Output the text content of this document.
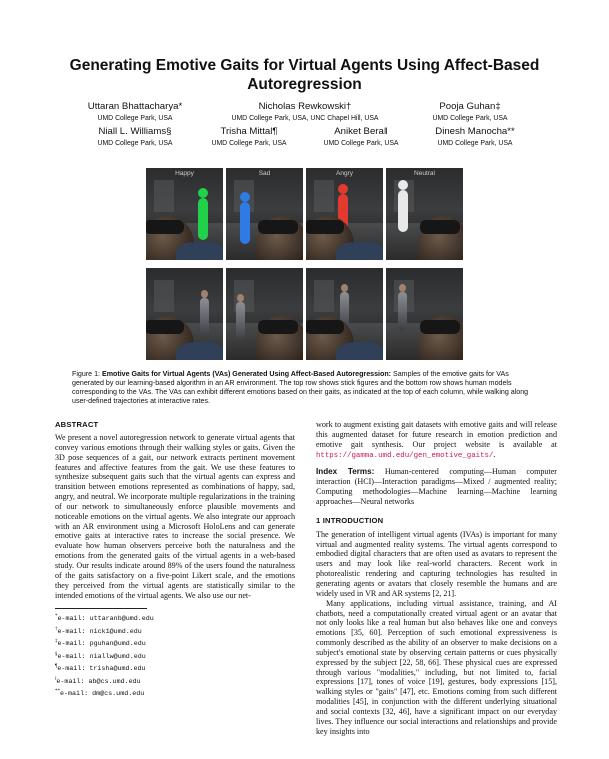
Generating Emotive Gaits for Virtual Agents Using Affect-Based Autoregression
Uttaran Bhattacharya*
UMD College Park, USA
Nicholas Rewkowski†
UMD College Park, USA, UNC Chapel Hill, USA
Pooja Guhan‡
UMD College Park, USA
Niall L. Williams§
UMD College Park, USA
Trisha Mittal¶
UMD College Park, USA
Aniket Bera‖
UMD College Park, USA
Dinesh Manocha**
UMD College Park, USA
Happy	Sad	Angry	Neutral
Figure 1: Emotive Gaits for Virtual Agents (VAs) Generated Using Affect-Based Autoregression: Samples of the emotive gaits for VAs generated by our learning-based algorithm in an AR environment. The top row shows stick figures and the bottom row shows human models corresponding to the VAs. The VAs can exhibit different emotions based on their gaits, as indicated at the top of each column, while walking along user-defined trajectories at interactive rates.
ABSTRACT

We present a novel autoregression network to generate virtual agents that convey various emotions through their walking styles or gaits. Given the 3D pose sequences of a gait, our network extracts pertinent movement features and affective features from the gait. We use these features to synthesize subsequent gaits such that the virtual agents can express and transition between emotions represented as combinations of happy, sad, angry, and neutral. We incorporate multiple regularizations in the training of our network to simultaneously enforce plausible movements and noticeable emotions on the virtual agents. We also integrate our approach with an AR environment using a Microsoft HoloLens and can generate emotive gaits at interactive rates to increase the social presence. We evaluate how human observers perceive both the naturalness and the emotions from the generated gaits of the virtual agents in a web-based study. Our results indicate around 89% of the users found the naturalness of the gaits satisfactory on a five-point Likert scale, and the emotions they perceived from the virtual agents are statistically similar to the intended emotions of the virtual agents. We also use our net-

*e-mail: uttaranb@umd.edu
†e-mail: nick1@umd.edu
‡e-mail: pguhan@umd.edu
§e-mail: niallw@umd.edu
¶e-mail: trisha@umd.edu
‖e-mail: ab@cs.umd.edu
**e-mail: dm@cs.umd.edu

work to augment existing gait datasets with emotive gaits and will release this augmented dataset for future research in emotion prediction and emotive gait synthesis. Our project website is available at https://gamma.umd.edu/gen_emotive_gaits/.

Index Terms: Human-centered computing—Human computer interaction (HCI)—Interaction paradigms—Mixed / augmented reality; Computing methodologies—Machine learning—Machine learning approaches—Neural networks

1 INTRODUCTION

The generation of intelligent virtual agents (IVAs) is important for many virtual and augmented reality systems. The virtual agents correspond to embodied digital characters that are often used as avatars to represent the users and may look like real-world characters. Recent work in photorealistic rendering and capturing technologies has resulted in generating agents or avatars that closely resemble the humans and are widely used in VR and AR systems [2, 21].

Many applications, including virtual assistance, training, and AI chatbots, need a computationally created virtual agent or an avatar that not only looks like a real human but also behaves like one and conveys emotions [35, 60]. Perception of such emotional expressiveness is commonly described as the ability of an observer to make decisions on a subject's emotional state by observing certain patterns or cues physically expressed by the subject [22, 58, 66]. These physical cues are expressed through various "modalities," including, but not limited to, facial expressions [17], tones of voice [19], gestures, body expressions [15], walking styles or "gaits" [47], etc. Emotions coming from such different modalities [45], in conjunction with the different underlying situational and social contexts [32, 46], have a significant impact on our everyday lives. They influence our social interactions and relationships and provide key insights into
